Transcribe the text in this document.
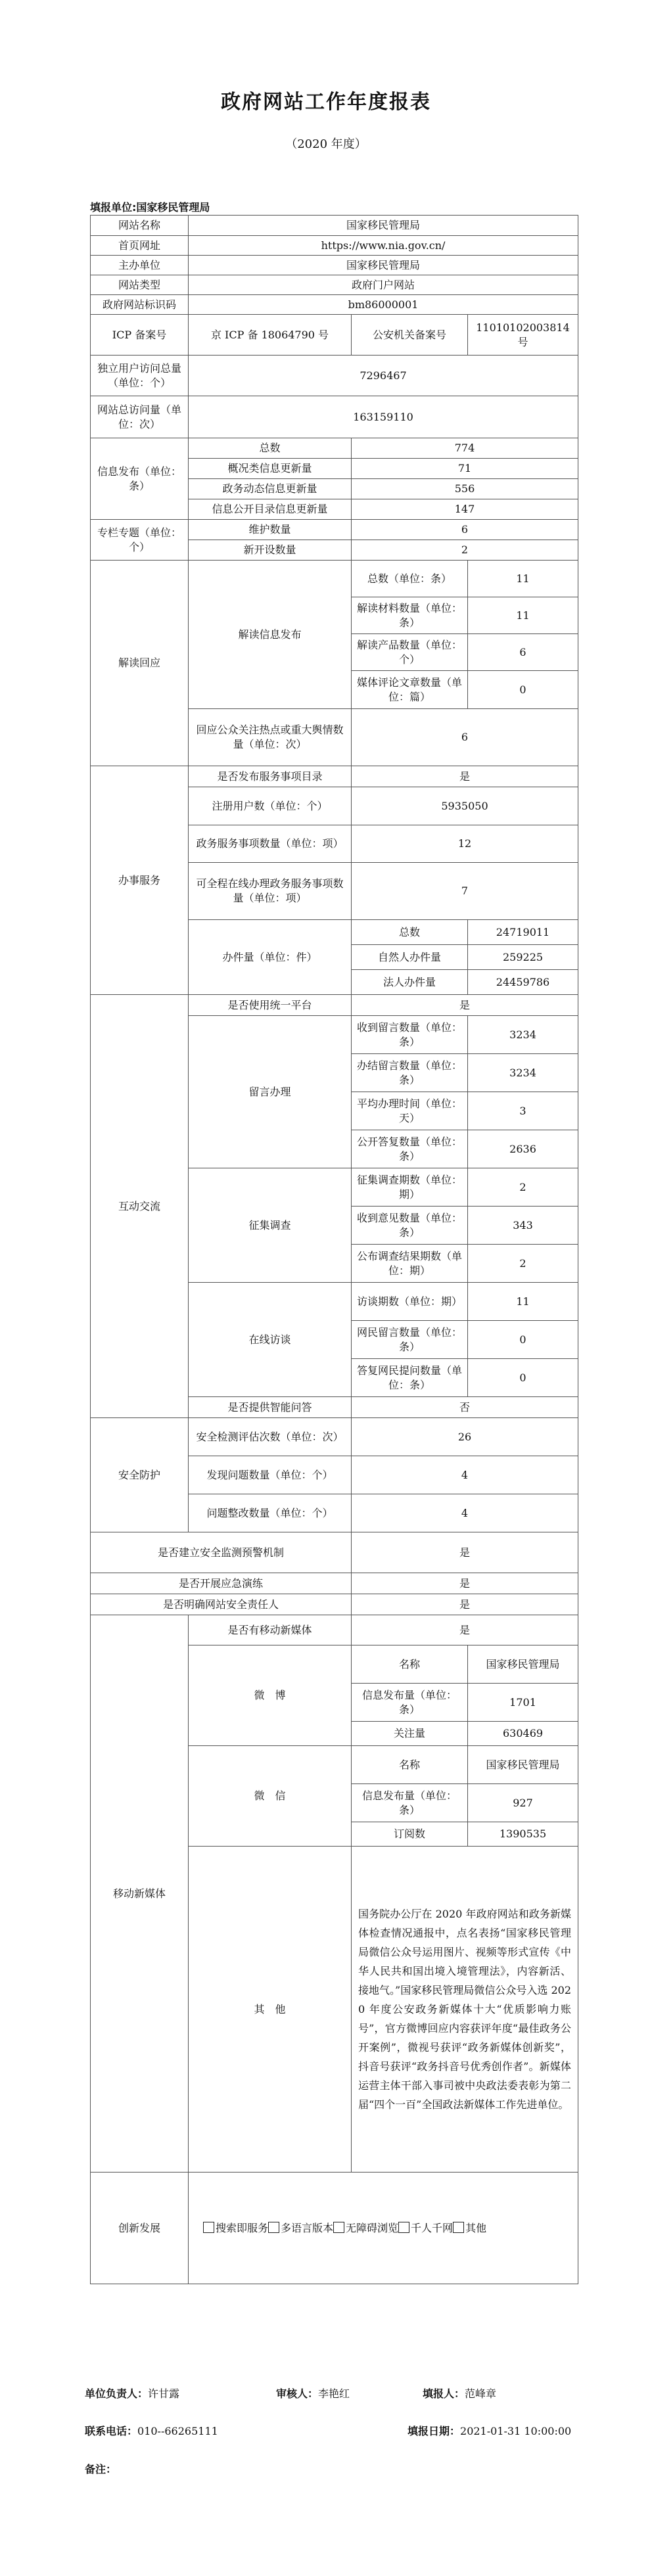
政府网站工作年度报表
（2020 年度）
填报单位:国家移民管理局
网站名称	国家移民管理局		
首页网址	https://www.nia.gov.cn/		
主办单位	国家移民管理局		
网站类型	政府门户网站		
政府网站标识码	bm86000001		
ICP 备案号	京 ICP 备 18064790 号	公安机关备案号	11010102003814 号
独立用户访问总量（单位：个）	7296467		
网站总访问量（单位：次）	163159110		
信息发布（单位：条）	总数	774	
	概况类信息更新量	71	
	政务动态信息更新量	556	
	信息公开目录信息更新量	147	
专栏专题（单位：个）	维护数量	6	
	新开设数量	2	
解读回应	解读信息发布	总数（单位：条）	11
		解读材料数量（单位：条）	11
		解读产品数量（单位：个）	6
		媒体评论文章数量（单位：篇）	0
	回应公众关注热点或重大舆情数量（单位：次）	6	
办事服务	是否发布服务事项目录	是	
	注册用户数（单位：个）	5935050	
	政务服务事项数量（单位：项）	12	
	可全程在线办理政务服务事项数量（单位：项）	7	
	办件量（单位：件）	总数	24719011
		自然人办件量	259225
		法人办件量	24459786
互动交流	是否使用统一平台	是	
	留言办理	收到留言数量（单位：条）	3234
		办结留言数量（单位：条）	3234
		平均办理时间（单位：天）	3
		公开答复数量（单位：条）	2636
	征集调查	征集调查期数（单位：期）	2
		收到意见数量（单位：条）	343
		公布调查结果期数（单位：期）	2
	在线访谈	访谈期数（单位：期）	11
		网民留言数量（单位：条）	0
		答复网民提问数量（单位：条）	0
	是否提供智能问答	否	
安全防护	安全检测评估次数（单位：次）	26	
	发现问题数量（单位：个）	4	
	问题整改数量（单位：个）	4	
是否建立安全监测预警机制		是	
是否开展应急演练		是	
是否明确网站安全责任人		是	
移动新媒体	是否有移动新媒体	是	
	微　博	名称	国家移民管理局
		信息发布量（单位：条）	1701
		关注量	630469
	微　信	名称	国家移民管理局
		信息发布量（单位：条）	927
		订阅数	1390535
	其　他	国务院办公厅在 2020 年政府网站和政务新媒体检查情况通报中，点名表扬“国家移民管理局微信公众号运用图片、视频等形式宣传《中华人民共和国出境入境管理法》，内容新活、接地气。”国家移民管理局微信公众号入选 2020 年度公安政务新媒体十大“优质影响力账号”，官方微博回应内容获评年度“最佳政务公开案例”，微视号获评“政务新媒体创新奖”，抖音号获评“政务抖音号优秀创作者”。新媒体运营主体干部入事司被中央政法委表彰为第二届“四个一百”全国政法新媒体工作先进单位。	
创新发展	搜索即服务 多语言版本 无障碍浏览 千人千网 其他		
单位负责人：许甘露	审核人：李艳红	填报人：范峰章
联系电话：010--66265111	填报日期：2021-01-31 10:00:00
备注：
